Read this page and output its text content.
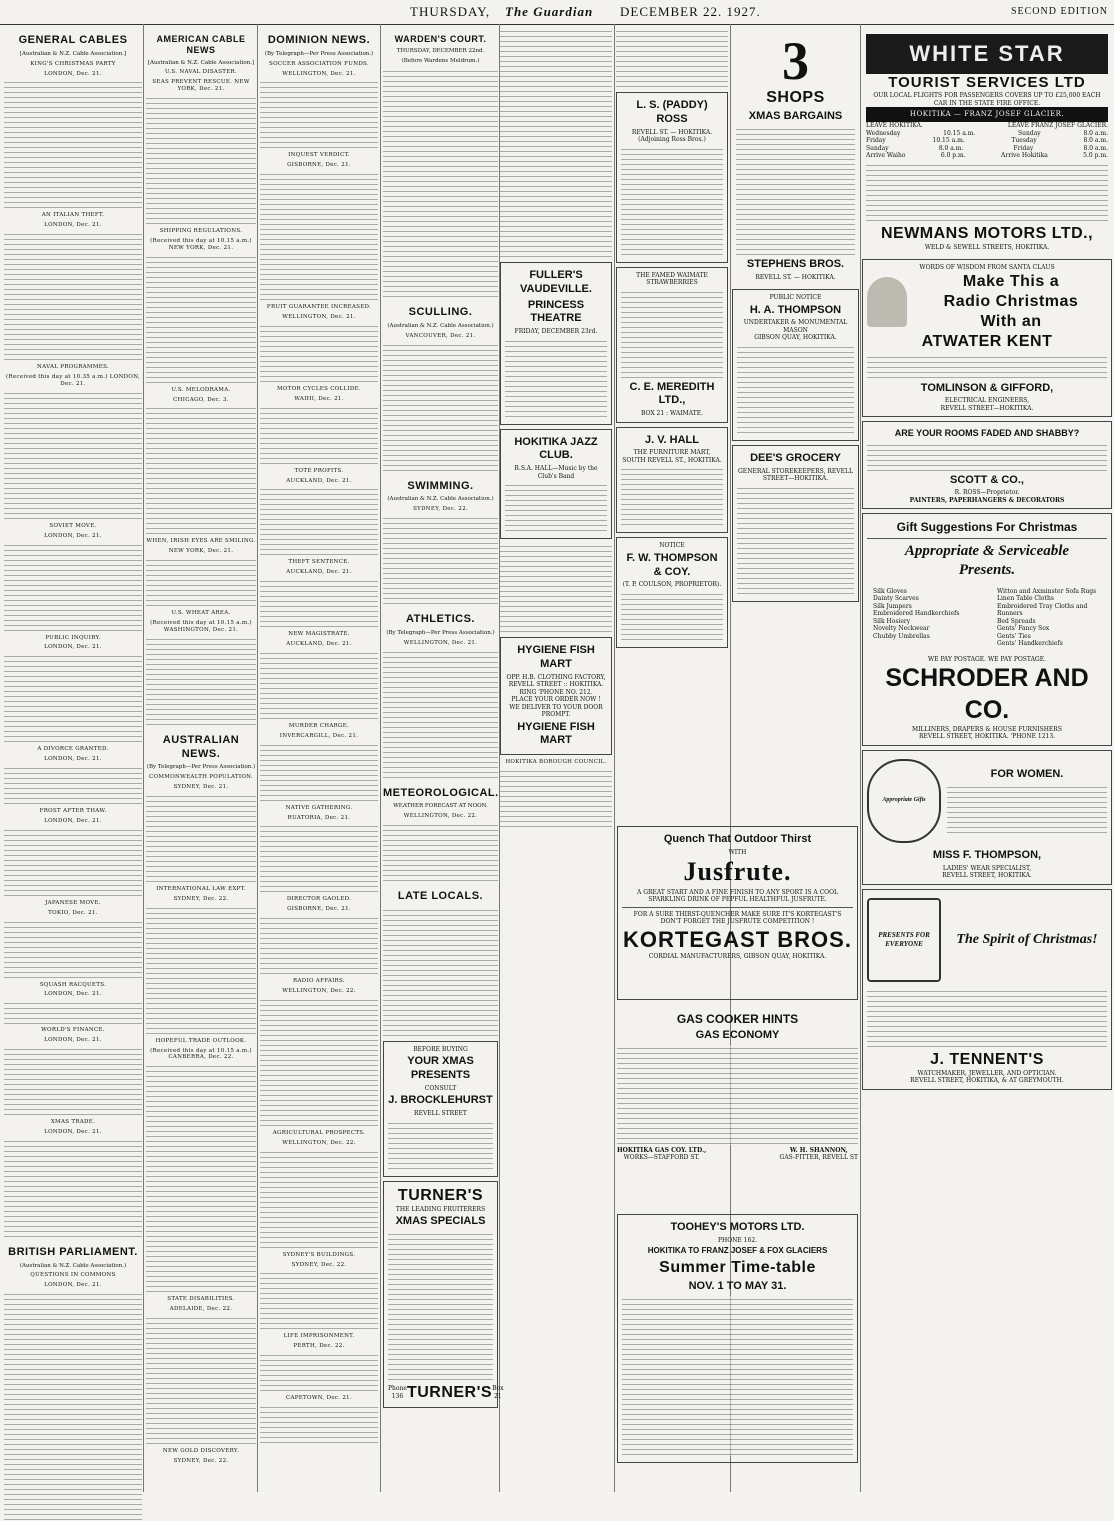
THURSDAY, The Guardian DECEMBER 22. 1927.	SECOND EDITION
GENERAL CABLES
[Australian & N.Z. Cable Association.]
KING'S CHRISTMAS PARTY
LONDON, Dec. 21.
AN ITALIAN THEFT.
LONDON, Dec. 21.
NAVAL PROGRAMMES.
(Received this day at 10.35 a.m.) LONDON, Dec. 21.
SOVIET MOVE.
LONDON, Dec. 21.
PUBLIC INQUIRY.
LONDON, Dec. 21.
A DIVORCE GRANTED.
LONDON, Dec. 21.
FROST AFTER THAW.
LONDON, Dec. 21.
JAPANESE MOVE.
TOKIO, Dec. 21.
SQUASH RACQUETS.
LONDON, Dec. 21.
WORLD'S FINANCE.
LONDON, Dec. 21.
XMAS TRADE.
LONDON, Dec. 21.
BRITISH PARLIAMENT.
(Australian & N.Z. Cable Association.)
QUESTIONS IN COMMONS
LONDON, Dec. 21.
AMERICAN CABLE NEWS
[Australian & N.Z. Cable Association.]
U.S. NAVAL DISASTER.
SEAS PREVENT RESCUE. NEW YORK, Dec. 21.
SHIPPING REGULATIONS.
(Received this day at 10.15 a.m.) NEW YORK, Dec. 21.
U.S. MELODRAMA.
CHICAGO, Dec. 3.
WHEN, IRISH EYES ARE SMILING.
NEW YORK, Dec. 21.
U.S. WHEAT AREA.
(Received this day at 10.15 a.m.) WASHINGTON, Dec. 21.
AUSTRALIAN NEWS.
(By Telegraph—Per Press Association.)
COMMONWEALTH POPULATION.
SYDNEY, Dec. 21.
INTERNATIONAL LAW EXPT.
SYDNEY, Dec. 22.
HOPEFUL TRADE OUTLOOK.
(Received this day at 10.15 a.m.) CANBERRA, Dec. 22.
STATE DISABILITIES.
ADELAIDE, Dec. 22.
NEW GOLD DISCOVERY.
SYDNEY, Dec. 22.
DOMINION NEWS.
(By Telegraph—Per Press Association.)
SOCCER ASSOCIATION FUNDS.
WELLINGTON, Dec. 21.
INQUEST VERDICT.
GISBORNE, Dec. 21.
FRUIT GUARANTEE INCREASED.
WELLINGTON, Dec. 21.
MOTOR CYCLES COLLIDE.
WAIHI, Dec. 21.
TOTE PROFITS.
AUCKLAND, Dec. 21.
THEFT SENTENCE.
AUCKLAND, Dec. 21.
NEW MAGISTRATE.
AUCKLAND, Dec. 21.
MURDER CHARGE.
INVERCARGILL, Dec. 21.
NATIVE GATHERING.
RUATORIA, Dec. 21.
DIRECTOR GAOLED.
GISBORNE, Dec. 21.
RADIO AFFAIRS.
WELLINGTON, Dec. 22.
AGRICULTURAL PROSPECTS.
WELLINGTON, Dec. 22.
SYDNEY'S BUILDINGS.
SYDNEY, Dec. 22.
LIFE IMPRISONMENT.
PERTH, Dec. 22.
CAPETOWN, Dec. 21.
WARDEN'S COURT.
THURSDAY, DECEMBER 22nd.
(Before Wardens Meldrum.)
SCULLING.
(Australian & N.Z. Cable Association.)
VANCOUVER, Dec. 21.
SWIMMING.
(Australian & N.Z. Cable Association.)
SYDNEY, Dec. 22.
ATHLETICS.
(By Telegraph—Per Press Association.)
WELLINGTON, Dec. 21.
METEOROLOGICAL.
WEATHER FORECAST AT NOON.
WELLINGTON, Dec. 22.
LATE LOCALS.
BEFORE BUYING
YOUR XMAS PRESENTS
CONSULT
J. BROCKLEHURST
REVELL STREET
TURNER'S
THE LEADING FRUITERERS
XMAS SPECIALS
Phone 136 TURNER'S Box 21
FULLER'S VAUDEVILLE.
PRINCESS THEATRE
FRIDAY, DECEMBER 23rd.
HOKITIKA JAZZ CLUB.
R.S.A. HALL—Music by the Club's Band
HYGIENE FISH MART
OPP. H.B. CLOTHING FACTORY, REVELL STREET :: HOKITIKA.
RING 'PHONE NO. 212.
PLACE YOUR ORDER NOW !
WE DELIVER TO YOUR DOOR PROMPT.
HYGIENE FISH MART
HOKITIKA BOROUGH COUNCIL.
L. S. (PADDY) ROSS
REVELL ST. — HOKITIKA.
(Adjoining Ross Bros.)
THE FAMED WAIMATE STRAWBERRIES
C. E. MEREDITH LTD.,
BOX 21 : WAIMATE.
J. V. HALL
THE FURNITURE MART,
SOUTH REVELL ST., HOKITIKA.
NOTICE
F. W. THOMPSON & COY.
(T. P. COULSON, PROPRIETOR).
3
SHOPS
XMAS BARGAINS
STEPHENS BROS.
REVELL ST. — HOKITIKA.
PUBLIC NOTICE
H. A. THOMPSON
UNDERTAKER & MONUMENTAL MASON
GIBSON QUAY, HOKITIKA.
DEE'S GROCERY
GENERAL STOREKEEPERS, REVELL STREET—HOKITIKA.
Quench That Outdoor Thirst
WITH
Jusfrute.
A GREAT START AND A FINE FINISH TO ANY SPORT IS A COOL SPARKLING DRINK OF PEPFUL HEALTHFUL JUSFRUTE.
FOR A SURE THIRST-QUENCHER MAKE SURE IT'S KORTEGAST'S
DON'T FORGET THE JUSFRUTE COMPETITION !
KORTEGAST BROS.
CORDIAL MANUFACTURERS, GIBSON QUAY, HOKITIKA.
GAS COOKER HINTS
GAS ECONOMY
HOKITIKA GAS COY. LTD.,
WORKS—STAFFORD ST.
W. H. SHANNON,
GAS-FITTER, REVELL ST
TOOHEY'S MOTORS LTD.
PHONE 162.
HOKITIKA TO FRANZ JOSEF & FOX GLACIERS
Summer Time-table
NOV. 1 TO MAY 31.
WHITE STAR
TOURIST SERVICES LTD
OUR LOCAL FLIGHTS FOR PASSENGERS COVERS UP TO £25,000 EACH CAR IN THE STATE FIRE OFFICE.
HOKITIKA — FRANZ JOSEF GLACIER.
LEAVE HOKITIKA.	LEAVE FRANZ JOSEF GLACIER.
Wednesday	10.15 a.m.	Sunday	8.0 a.m.
Friday	10.15 a.m.	Tuesday	8.0 a.m.
Sunday	8.0 a.m.	Friday	8.0 a.m.
Arrive Waiho	6.0 p.m.	Arrive Hokitika	5.0 p.m.
NEWMANS MOTORS LTD.,
WELD & SEWELL STREETS, HOKITIKA.
WORDS OF WISDOM FROM SANTA CLAUS
Make This a
Radio Christmas
With an
ATWATER KENT
TOMLINSON & GIFFORD,
ELECTRICAL ENGINEERS,
REVELL STREET—HOKITIKA.
ARE YOUR ROOMS FADED AND SHABBY?
SCOTT & CO.,
R. ROSS—Proprietor.
PAINTERS, PAPERHANGERS & DECORATORS
Gift Suggestions For Christmas
Appropriate & Serviceable
Presents.
Silk Gloves
Dainty Scarves
Silk Jumpers
Embroidered Handkerchiefs
Silk Hosiery
Novelty Neckwear
Chubby Umbrellas
Witton and Axminster Sofa Rugs
Linen Table Cloths
Embroidered Tray Cloths and Runners
Bed Spreads
Gents' Fancy Sox
Gents' Ties
Gents' Handkerchiefs
WE PAY POSTAGE. WE PAY POSTAGE.
SCHRODER AND CO.
MILLINERS, DRAPERS & HOUSE FURNISHERS
REVELL STREET, HOKITIKA. 'PHONE 1213.
Appropriate Gifts
FOR WOMEN.
MISS F. THOMPSON,
LADIES' WEAR SPECIALIST,
REVELL STREET, HOKITIKA.
PRESENTS FOR EVERYONE	The Spirit of Christmas!
J. TENNENT'S
WATCHMAKER, JEWELLER, AND OPTICIAN.
REVELL STREET, HOKITIKA, & AT GREYMOUTH.
